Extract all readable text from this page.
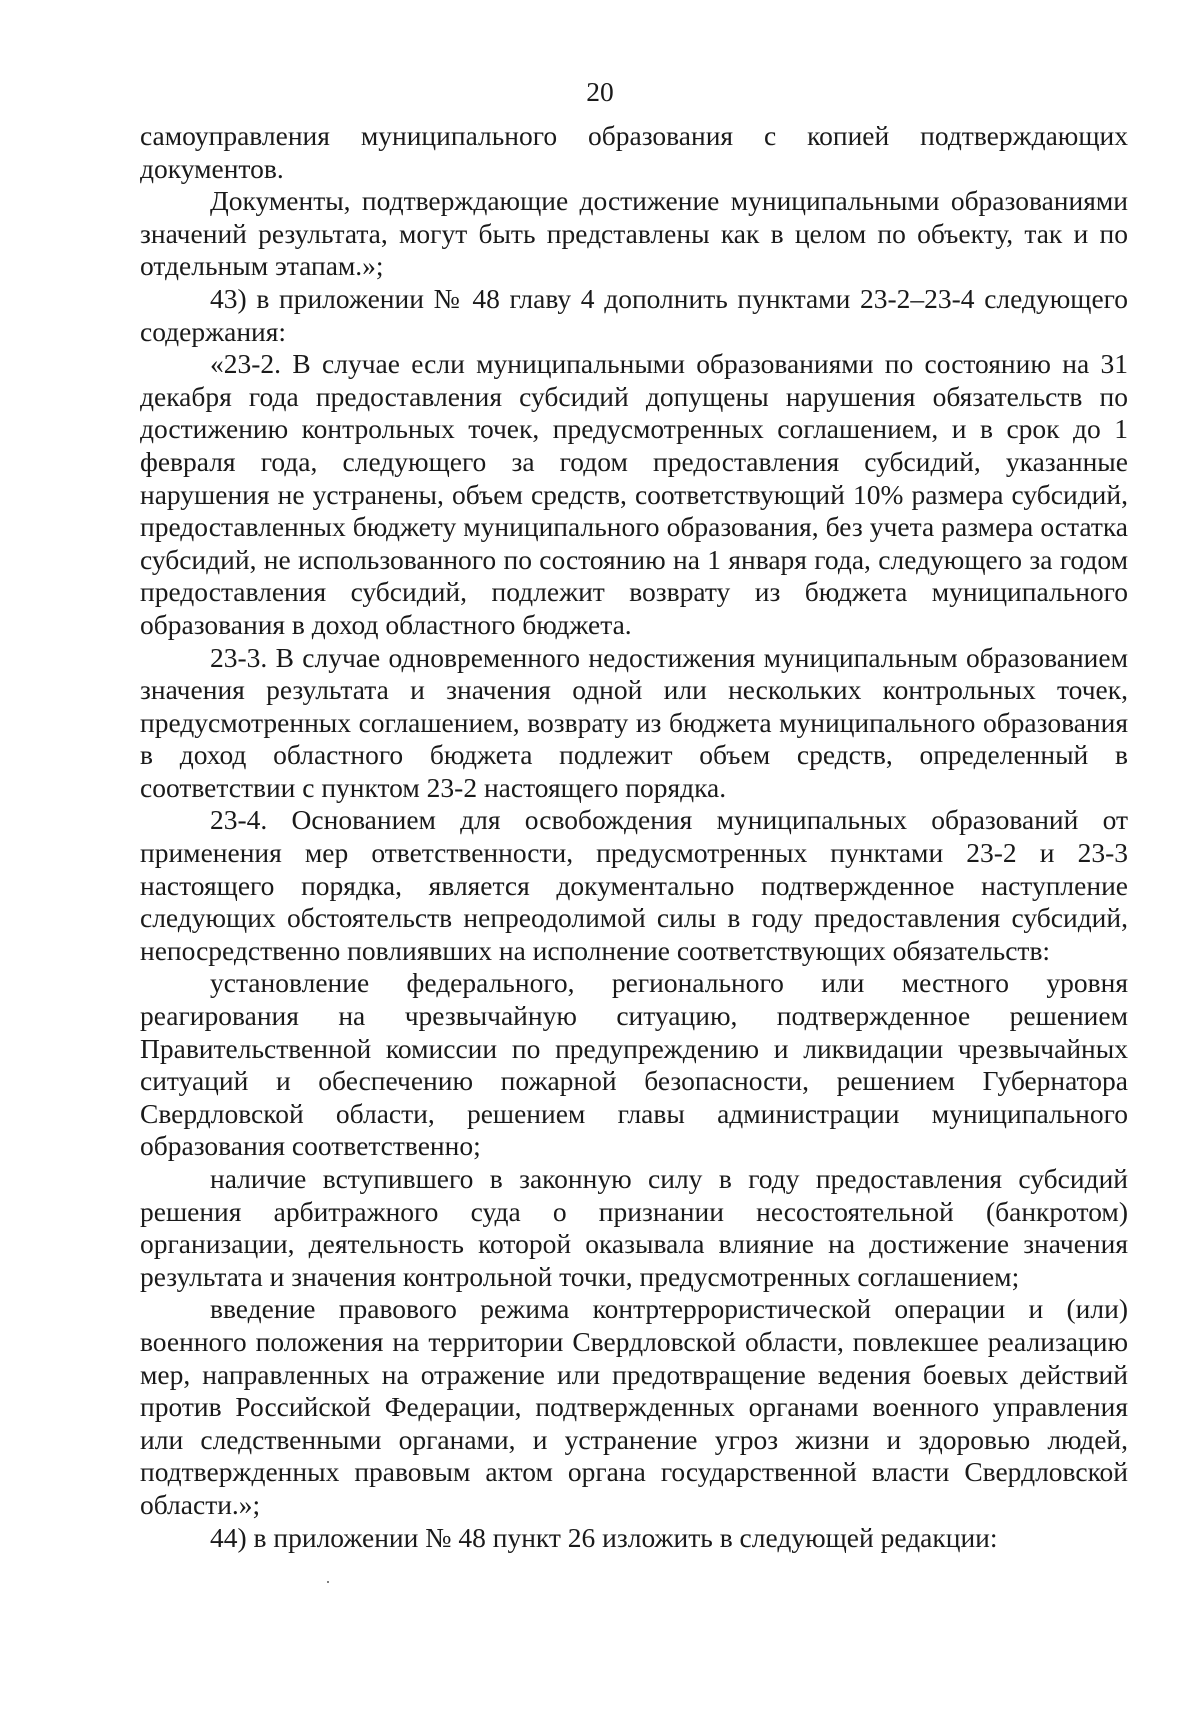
20

самоуправления муниципального образования с копией подтверждающих документов.

Документы, подтверждающие достижение муниципальными образованиями значений результата, могут быть представлены как в целом по объекту, так и по отдельным этапам.»;

43) в приложении № 48 главу 4 дополнить пунктами 23-2–23-4 следующего содержания:

«23-2. В случае если муниципальными образованиями по состоянию на 31 декабря года предоставления субсидий допущены нарушения обязательств по достижению контрольных точек, предусмотренных соглашением, и в срок до 1 февраля года, следующего за годом предоставления субсидий, указанные нарушения не устранены, объем средств, соответствующий 10% размера субсидий, предоставленных бюджету муниципального образования, без учета размера остатка субсидий, не использованного по состоянию на 1 января года, следующего за годом предоставления субсидий, подлежит возврату из бюджета муниципального образования в доход областного бюджета.

23-3. В случае одновременного недостижения муниципальным образованием значения результата и значения одной или нескольких контрольных точек, предусмотренных соглашением, возврату из бюджета муниципального образования в доход областного бюджета подлежит объем средств, определенный в соответствии с пунктом 23-2 настоящего порядка.

23-4. Основанием для освобождения муниципальных образований от применения мер ответственности, предусмотренных пунктами 23-2 и 23-3 настоящего порядка, является документально подтвержденное наступление следующих обстоятельств непреодолимой силы в году предоставления субсидий, непосредственно повлиявших на исполнение соответствующих обязательств:

установление федерального, регионального или местного уровня реагирования на чрезвычайную ситуацию, подтвержденное решением Правительственной комиссии по предупреждению и ликвидации чрезвычайных ситуаций и обеспечению пожарной безопасности, решением Губернатора Свердловской области, решением главы администрации муниципального образования соответственно;

наличие вступившего в законную силу в году предоставления субсидий решения арбитражного суда о признании несостоятельной (банкротом) организации, деятельность которой оказывала влияние на достижение значения результата и значения контрольной точки, предусмотренных соглашением;

введение правового режима контртеррористической операции и (или) военного положения на территории Свердловской области, повлекшее реализацию мер, направленных на отражение или предотвращение ведения боевых действий против Российской Федерации, подтвержденных органами военного управления или следственными органами, и устранение угроз жизни и здоровью людей, подтвержденных правовым актом органа государственной власти Свердловской области.»;

44) в приложении № 48 пункт 26 изложить в следующей редакции:
